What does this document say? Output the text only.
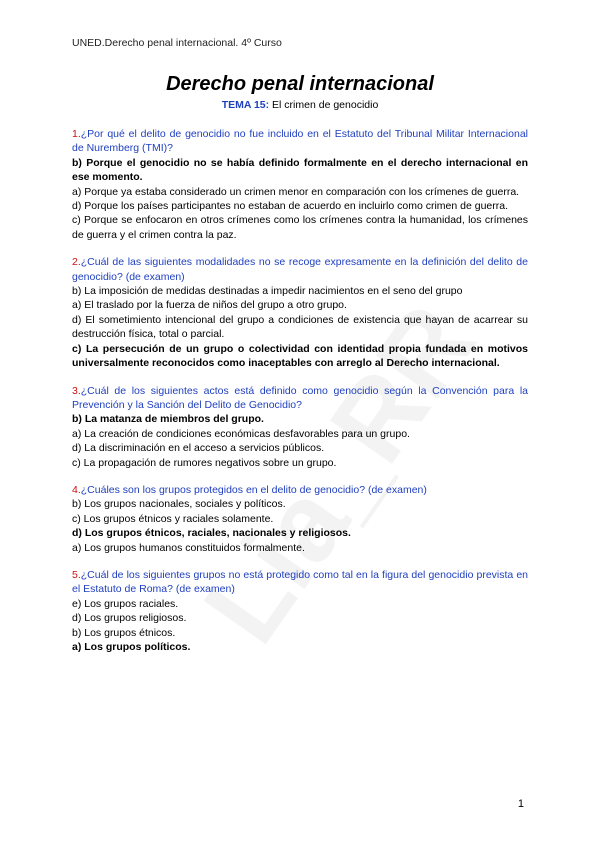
UNED.Derecho penal internacional. 4º Curso
Derecho penal internacional
TEMA 15: El crimen de genocidio
1.¿Por qué el delito de genocidio no fue incluido en el Estatuto del Tribunal Militar Internacional de Nuremberg (TMI)?
b) Porque el genocidio no se había definido formalmente en el derecho internacional en ese momento.
a) Porque ya estaba considerado un crimen menor en comparación con los crímenes de guerra.
d) Porque los países participantes no estaban de acuerdo en incluirlo como crimen de guerra.
c) Porque se enfocaron en otros crímenes como los crímenes contra la humanidad, los crímenes de guerra y el crimen contra la paz.
2.¿Cuál de las siguientes modalidades no se recoge expresamente en la definición del delito de genocidio? (de examen)
b) La imposición de medidas destinadas a impedir nacimientos en el seno del grupo
a) El traslado por la fuerza de niños del grupo a otro grupo.
d) El sometimiento intencional del grupo a condiciones de existencia que hayan de acarrear su destrucción física, total o parcial.
c) La persecución de un grupo o colectividad con identidad propia fundada en motivos universalmente reconocidos como inaceptables con arreglo al Derecho internacional.
3.¿Cuál de los siguientes actos está definido como genocidio según la Convención para la Prevención y la Sanción del Delito de Genocidio?
b) La matanza de miembros del grupo.
a) La creación de condiciones económicas desfavorables para un grupo.
d) La discriminación en el acceso a servicios públicos.
c) La propagación de rumores negativos sobre un grupo.
4.¿Cuáles son los grupos protegidos en el delito de genocidio? (de examen)
b) Los grupos nacionales, sociales y políticos.
c) Los grupos étnicos y raciales solamente.
d) Los grupos étnicos, raciales, nacionales y religiosos.
a) Los grupos humanos constituidos formalmente.
5.¿Cuál de los siguientes grupos no está protegido como tal en la figura del genocidio prevista en el Estatuto de Roma? (de examen)
e) Los grupos raciales.
d) Los grupos religiosos.
b) Los grupos étnicos.
a) Los grupos políticos.
1
